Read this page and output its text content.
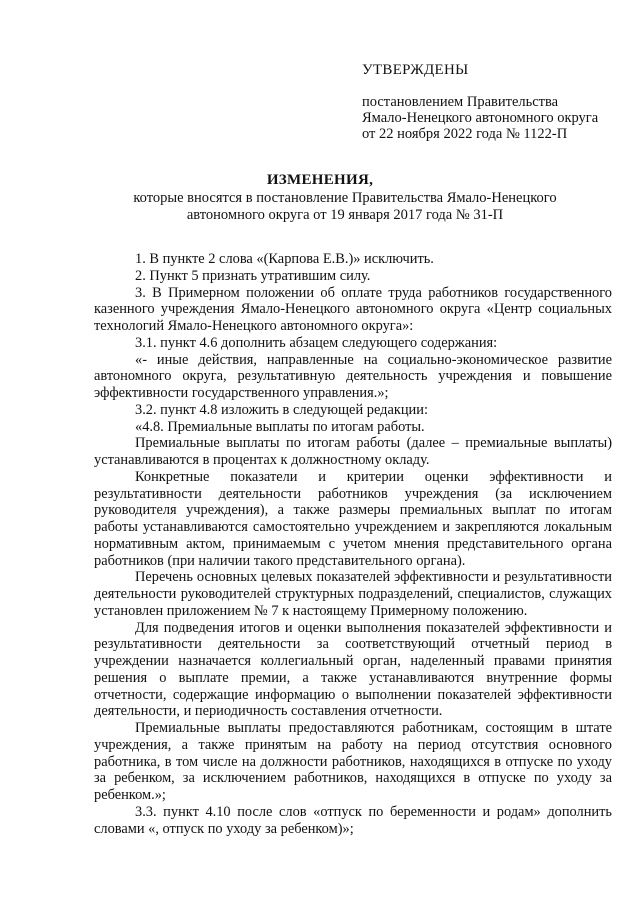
УТВЕРЖДЕНЫ
постановлением Правительства
Ямало-Ненецкого автономного округа
от 22 ноября 2022 года № 1122-П
ИЗМЕНЕНИЯ,
которые вносятся в постановление Правительства Ямало-Ненецкого автономного округа от 19 января 2017 года № 31-П

1. В пункте 2 слова «(Карпова Е.В.)» исключить.

2. Пункт 5 признать утратившим силу.

3. В Примерном положении об оплате труда работников государственного казенного учреждения Ямало-Ненецкого автономного округа «Центр социальных технологий Ямало-Ненецкого автономного округа»:

3.1. пункт 4.6 дополнить абзацем следующего содержания:

«- иные действия, направленные на социально-экономическое развитие автономного округа, результативную деятельность учреждения и повышение эффективности государственного управления.»;

3.2. пункт 4.8 изложить в следующей редакции:

«4.8. Премиальные выплаты по итогам работы.

Премиальные выплаты по итогам работы (далее – премиальные выплаты) устанавливаются в процентах к должностному окладу.

Конкретные показатели и критерии оценки эффективности и результативности деятельности работников учреждения (за исключением руководителя учреждения), а также размеры премиальных выплат по итогам работы устанавливаются самостоятельно учреждением и закрепляются локальным нормативным актом, принимаемым с учетом мнения представительного органа работников (при наличии такого представительного органа).

Перечень основных целевых показателей эффективности и результативности деятельности руководителей структурных подразделений, специалистов, служащих установлен приложением № 7 к настоящему Примерному положению.

Для подведения итогов и оценки выполнения показателей эффективности и результативности деятельности за соответствующий отчетный период в учреждении назначается коллегиальный орган, наделенный правами принятия решения о выплате премии, а также устанавливаются внутренние формы отчетности, содержащие информацию о выполнении показателей эффективности деятельности, и периодичность составления отчетности.

Премиальные выплаты предоставляются работникам, состоящим в штате учреждения, а также принятым на работу на период отсутствия основного работника, в том числе на должности работников, находящихся в отпуске по уходу за ребенком, за исключением работников, находящихся в отпуске по уходу за ребенком.»;

3.3. пункт 4.10 после слов «отпуск по беременности и родам» дополнить словами «, отпуск по уходу за ребенком)»;
